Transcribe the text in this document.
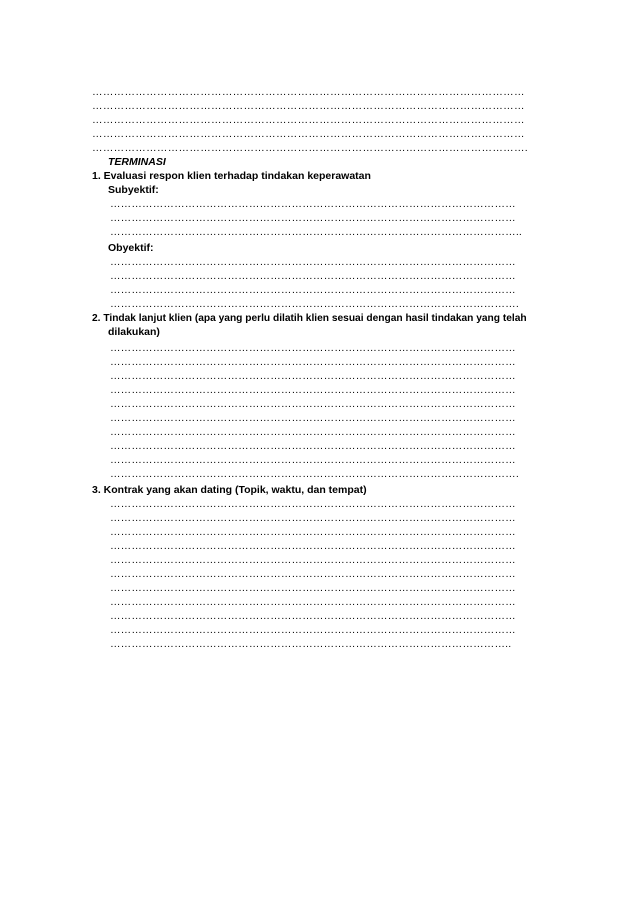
…………………………………………………………………………………………………………
…………………………………………………………………………………………………………
…………………………………………………………………………………………………………
…………………………………………………………………………………………………………
………………………………………………………………………………………………………….
TERMINASI
1. Evaluasi respon klien terhadap tindakan keperawatan
Subyektif:
……………………………………………………………………………………………………
……………………………………………………………………………………………………
……………………………………………………………………………………………………..
Obyektif:
……………………………………………………………………………………………………
……………………………………………………………………………………………………
……………………………………………………………………………………………………
…………………………………………………………………………………………………….
2. Tindak lanjut klien (apa yang perlu dilatih klien sesuai dengan hasil tindakan yang telah
dilakukan)
……………………………………………………………………………………………………
……………………………………………………………………………………………………
……………………………………………………………………………………………………
……………………………………………………………………………………………………
……………………………………………………………………………………………………
……………………………………………………………………………………………………
……………………………………………………………………………………………………
……………………………………………………………………………………………………
……………………………………………………………………………………………………
…………………………………………………………………………………………………….
3. Kontrak yang akan dating (Topik, waktu, dan tempat)
……………………………………………………………………………………………………
……………………………………………………………………………………………………
……………………………………………………………………………………………………
……………………………………………………………………………………………………
……………………………………………………………………………………………………
……………………………………………………………………………………………………
……………………………………………………………………………………………………
……………………………………………………………………………………………………
……………………………………………………………………………………………………
……………………………………………………………………………………………………
…………………………………………………………………………………………………..
